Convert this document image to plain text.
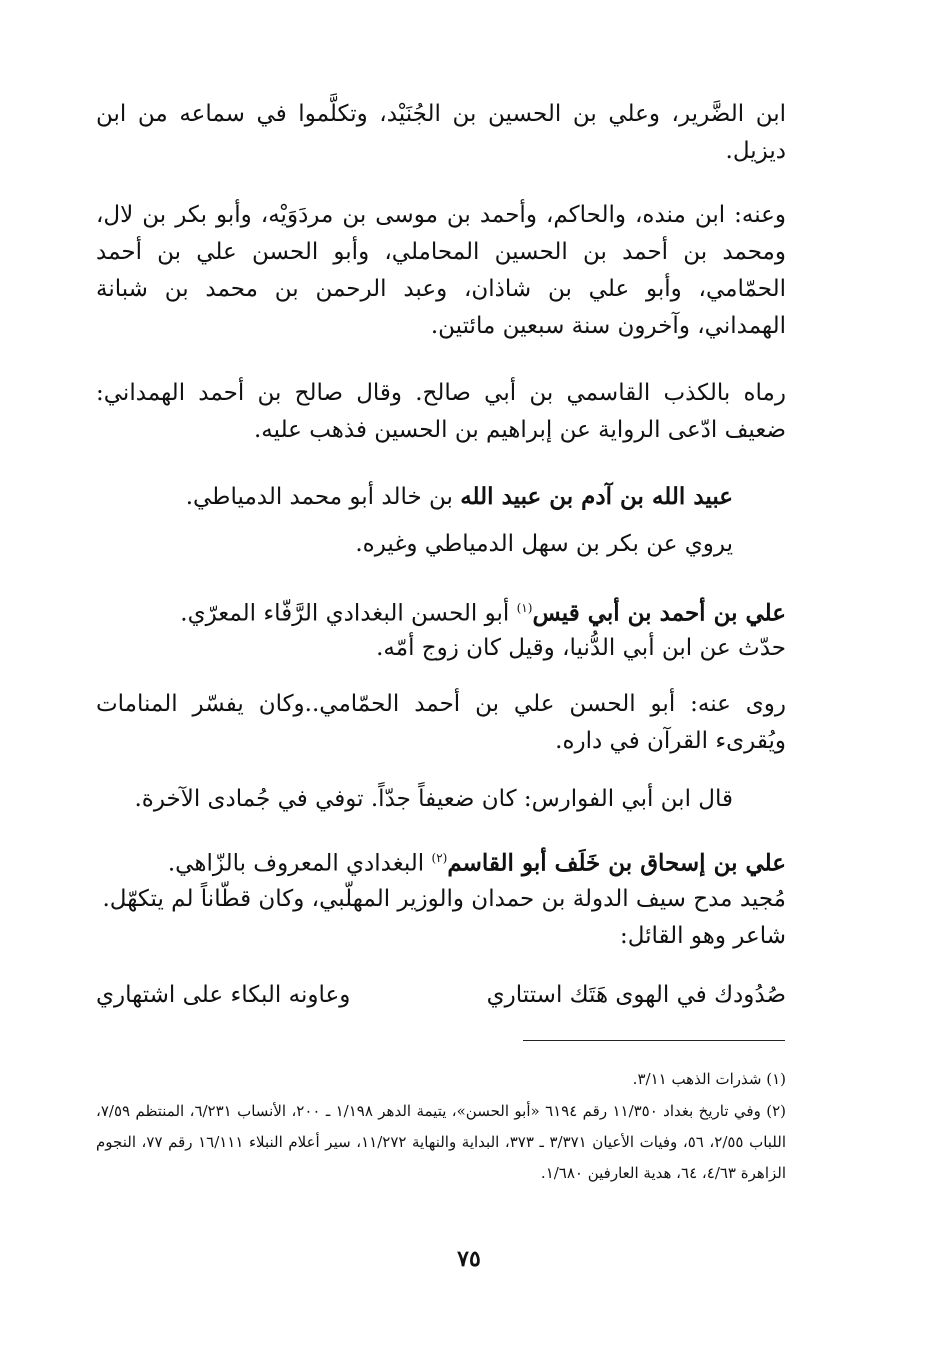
ابن الضَّرير، وعلي بن الحسين بن الجُنَيْد، وتكلَّموا في سماعه من ابن ديزيل.
وعنه: ابن منده، والحاكم، وأحمد بن موسى بن مردَوَيْه، وأبو بكر بن لال، ومحمد بن أحمد بن الحسين المحاملي، وأبو الحسن علي بن أحمد الحمّامي، وأبو علي بن شاذان، وعبد الرحمن بن محمد بن شبانة الهمداني، وآخرون سنة سبعين مائتين.
رماه بالكذب القاسمي بن أبي صالح. وقال صالح بن أحمد الهمداني: ضعيف ادّعى الرواية عن إبراهيم بن الحسين فذهب عليه.
عبيد الله بن آدم بن عبيد الله بن خالد أبو محمد الدمياطي.
يروي عن بكر بن سهل الدمياطي وغيره.
علي بن أحمد بن أبي قيس$^{(١)}$ أبو الحسن البغدادي الرَّفّاء المعرّي.
حدّث عن ابن أبي الدُّنيا، وقيل كان زوج أمّه.
روى عنه: أبو الحسن علي بن أحمد الحمّامي..وكان يفسّر المنامات ويُقرىء القرآن في داره.
قال ابن أبي الفوارس: كان ضعيفاً جدّاً. توفي في جُمادى الآخرة.
علي بن إسحاق بن خَلَف أبو القاسم$^{(٢)}$ البغدادي المعروف بالزّاهي.
مُجيد مدح سيف الدولة بن حمدان والوزير المهلّبي، وكان قطّاناً لم يتكهّل.
شاعر وهو القائل:
صُدُودك في الهوى هَتَك استتاري
وعاونه البكاء على اشتهاري
(١) شذرات الذهب ٣/١١.
(٢) وفي تاريخ بغداد ١١/٣٥٠ رقم ٦١٩٤ «أبو الحسن»، يتيمة الدهر ١/١٩٨ ـ ٢٠٠، الأنساب ٦/٢٣١، المنتظم ٧/٥٩، اللباب ٢/٥٥، ٥٦، وفيات الأعيان ٣/٣٧١ ـ ٣٧٣، البداية والنهاية ١١/٢٧٢، سير أعلام النبلاء ١٦/١١١ رقم ٧٧، النجوم الزاهرة ٤/٦٣، ٦٤، هدية العارفين ١/٦٨٠.
٧٥
